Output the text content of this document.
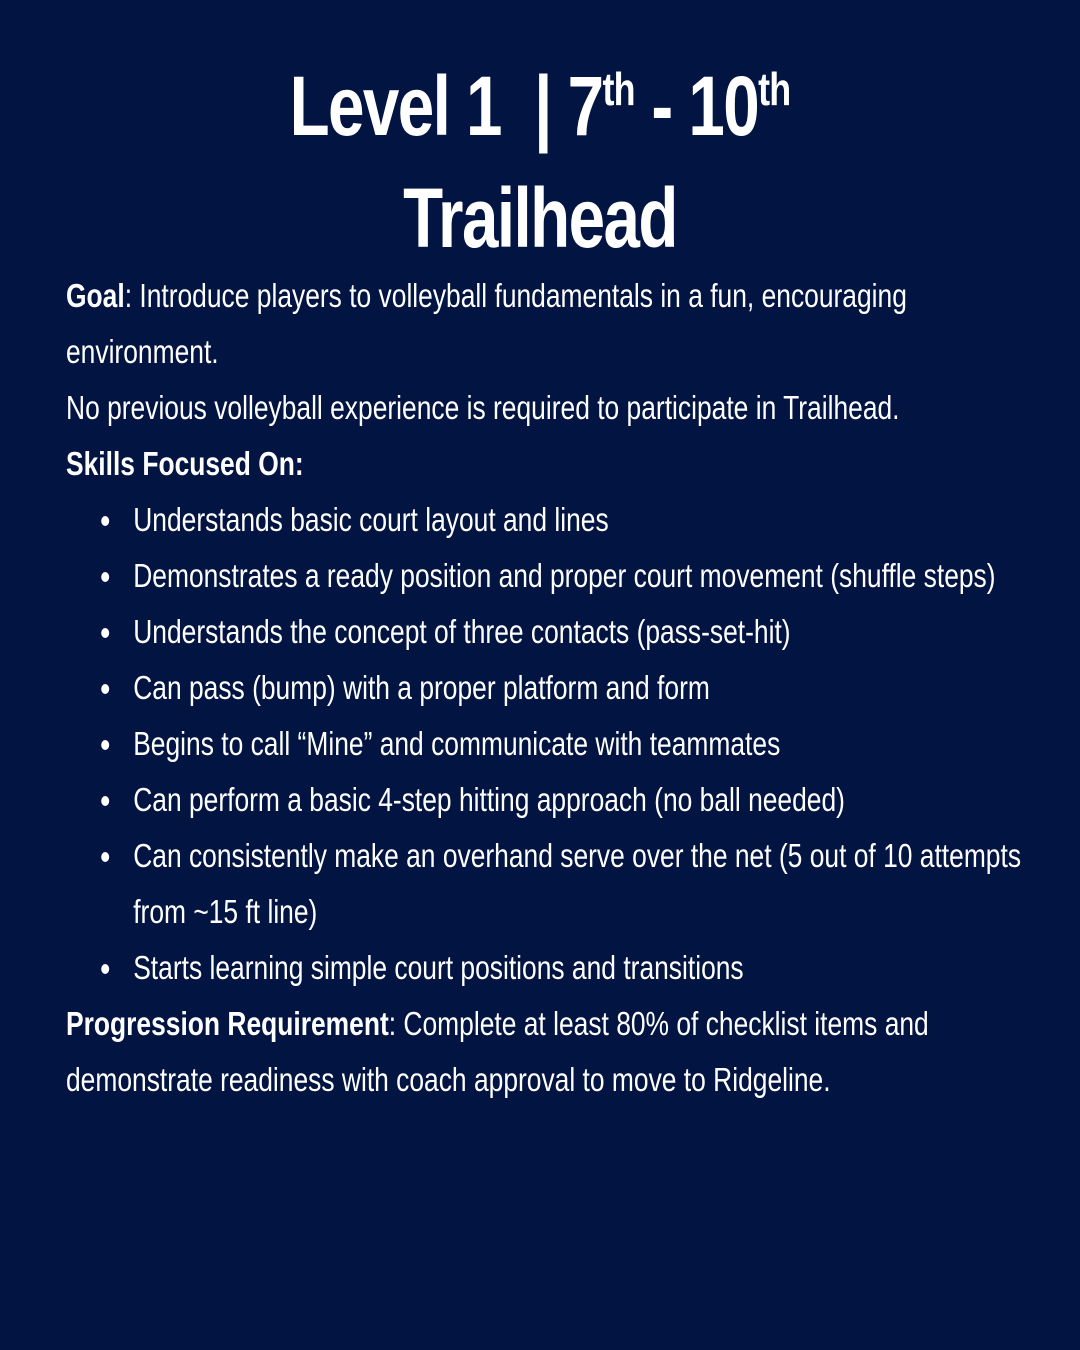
Level 1 | 7th - 10th
Trailhead

Goal: Introduce players to volleyball fundamentals in a fun, encouraging environment.

No previous volleyball experience is required to participate in Trailhead.

Skills Focused On:

Understands basic court layout and lines
Demonstrates a ready position and proper court movement (shuffle steps)
Understands the concept of three contacts (pass-set-hit)
Can pass (bump) with a proper platform and form
Begins to call “Mine” and communicate with teammates
Can perform a basic 4-step hitting approach (no ball needed)
Can consistently make an overhand serve over the net (5 out of 10 attempts from ~15 ft line)
Starts learning simple court positions and transitions

Progression Requirement: Complete at least 80% of checklist items and demonstrate readiness with coach approval to move to Ridgeline.
